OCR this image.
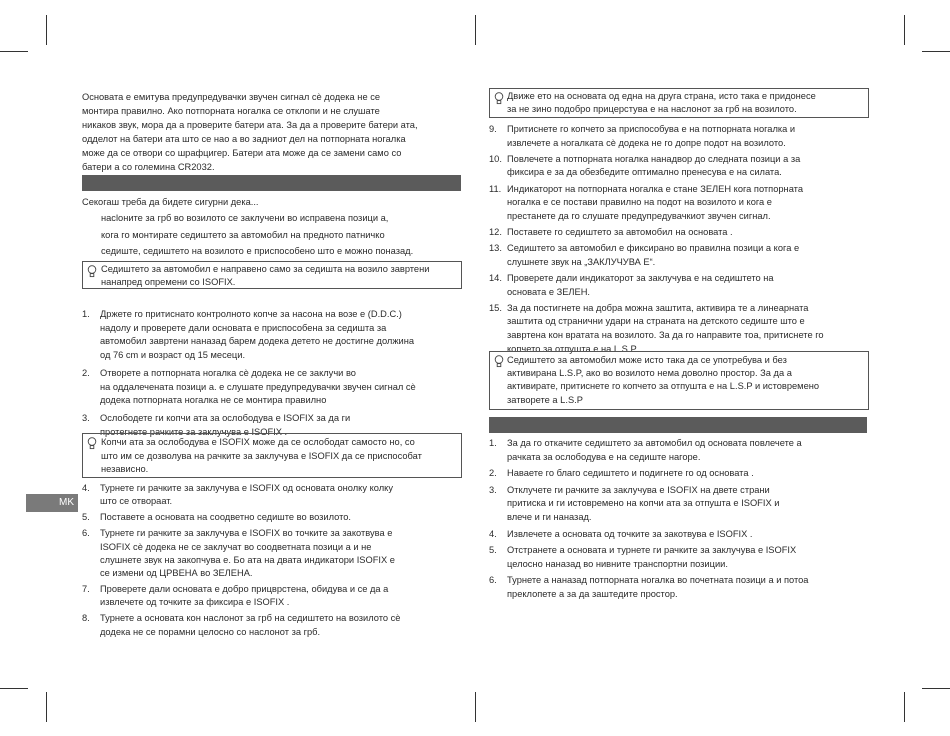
MK
Основата е емитува предупредувачки звучен сигнал сè додека не се
монтира правилно. Ако потпорната ногалка се отклопи и не слушате
никаков звук, мора да а проверите батери ата. За да а проверите батери ата,
одделот на батери ата што се нао а во задниот дел на потпорната ногалка
може да се отвори со шрафцигер. Батери ата може да се замени само со
батери а со големина CR2032.
Секогаш треба да бидете сигурни дека...
насloните за грб во возилото се заклучени во исправена позици а,
кога го монтирате седиштето за автомобил на предното патничко
седиште, седиштето на возилото е приспособено што е можно поназад.
Седиштето за автомобил е направено само за седишта на возило завртени
нанапред опремени со ISOFIX.
1. Држете го притиснато контролното копче за насона на возе е (D.D.C.)
надолу и проверете дали основата е приспособена за седишта за
автомобил завртени наназад барем додека детето не достигне должина
од 76 cm и возраст од 15 месеци.
2. Отворете а потпорната ногалка сè додека не се заклучи во
на оддалечената позици а. е слушате предупредувачки звучен сигнал сè
додека потпорната ногалка не се монтира правилно
3. Ослободете ги копчи ата за ослободува е ISOFIX за да ги
протегнете рачките за заклучува е ISOFIX .
Копчи ата за ослободува е ISOFIX може да се ослободат самосто но, со
што им се дозволува на рачките за заклучува е ISOFIX да се приспособат
независно.
4. Турнете ги рачките за заклучува е ISOFIX од основата онолку колку
што се отвораат.
5. Поставете а основата на соодветно седиште во возилото.
6. Турнете ги рачките за заклучува е ISOFIX во точките за закотвува е
ISOFIX сè додека не се заклучат во соодветната позици а и не
слушнете звук на закопчува е. Бо ата на двата индикатори ISOFIX е
се измени од ЦРВЕНА во ЗЕЛЕНА.
7. Проверете дали основата е добро прицврстена, обидува и се да а
извлечете од точките за фиксира е ISOFIX .
8. Турнете а основата кон наслонот за грб на седиштето на возилото сè
додека не се порамни целосно со наслонот за грб.
Движе ето на основата од една на друга страна, исто така е придонесе
за не зино подобро прицерстува е на наслонот за грб на возилото.
9. Притиснете го копчето за приспособува е на потпорната ногалка и
извлечете а ногалката сè додека не го допре подот на возилото.
10. Повлечете а потпорната ногалка нанадвор до следната позици а за
фиксира е за да обезбедите оптимално пренесува е на силата.
11. Индикаторот на потпорната ногалка е стане ЗЕЛЕН кога потпорната
ногалка е се постави правилно на подот на возилото и кога е
престанете да го слушате предупредувачкиот звучен сигнал.
12. Поставете го седиштето за автомобил на основата .
13. Седиштето за автомобил е фиксирано во правилна позици а кога е
слушнете звук на „ЗАКЛУЧУВА Е“.
14. Проверете дали индикаторот за заклучува е на седиштето на
основата е ЗЕЛЕН.
15. За да постигнете на добра можна заштита, активира те а линеарната
заштита од странични удари на страната на детското седиште што е
завртена кон вратата на возилото. За да го направите тоа, притиснете го
копчето за отпушта е на L.S.P .
Седиштето за автомобил може исто така да се употребува и без
активирана L.S.P, ако во возилото нема доволно простор. За да а
активирате, притиснете го копчето за отпушта е на L.S.P и истовремено
затворете а L.S.P
1. За да го откачите седиштето за автомобил од основата повлечете а
рачката за ослободува е на седиште нагоре.
2. Наваете го благо седиштето и подигнете го од основата .
3. Отклучете ги рачките за заклучува е ISOFIX на двете страни
притиска и ги истовремено на копчи ата за отпушта е ISOFIX и
влече и ги наназад.
4. Извлечете а основата од точките за закотвува е ISOFIX .
5. Отстранете а основата и турнете ги рачките за заклучува е ISOFIX
целосно наназад во нивните транспортни позиции.
6. Турнете а наназад потпорната ногалка во почетната позици а и потоа
преклопете а за да заштедите простор.
